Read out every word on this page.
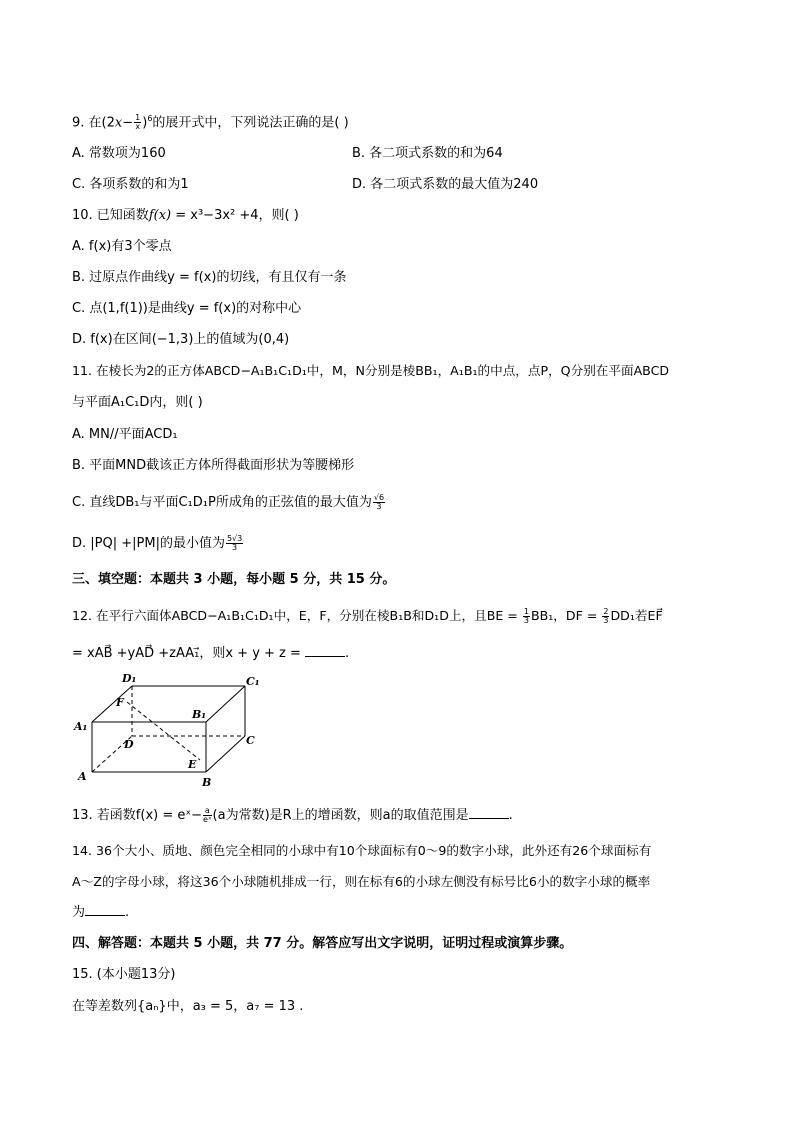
9. 在$(2x- \frac{1}{x} )^6$的展开式中，下列说法正确的是( )
A. 常数项为160	B. 各二项式系数的和为64
C. 各项系数的和为1	D. 各二项式系数的最大值为240
10. 已知函数f(x) = x³−3x² +4，则( )
A. f(x)有3个零点
B. 过原点作曲线y = f(x)的切线，有且仅有一条
C. 点(1,f(1))是曲线y = f(x)的对称中心
D. f(x)在区间(−1,3)上的值域为(0,4)
11. 在棱长为2的正方体ABCD−A₁B₁C₁D₁中，M，N分别是棱BB₁，A₁B₁的中点，点P，Q分别在平面ABCD
与平面A₁C₁D内，则( )
A. MN//平面ACD₁
B. 平面MND截该正方体所得截面形状为等腰梯形
C. 直线DB₁与平面C₁D₁P所成角的正弦值的最大值为 $\frac{√6}{3}$
D. |PQ| +|PM|的最小值为 $\frac{5√3}{3}$
三、填空题：本题共 3 小题，每小题 5 分，共 15 分。
12. 在平行六面体ABCD−A₁B₁C₁D₁中，E，F，分别在棱B₁B和D₁D上，且BE = $\frac{1}{3} BB_1$，DF = $\frac{2}{3} DD_1$若EF⃗
= xAB⃗ +yAD⃗ +zAA₁⃗，则x + y + z =	.
D₁	C₁
F
B₁
A₁
D	C
E
A	B
13. 若函数f(x) = eˣ− $\frac{a}{\text{eˣ}} (a$为常数)是R上的增函数，则a的取值范围是	.
14. 36个大小、质地、颜色完全相同的小球中有10个球面标有0～9的数字小球，此外还有26个球面标有
A～Z的字母小球，将这36个小球随机排成一行，则在标有6的小球左侧没有标号比6小的数字小球的概率
为	.
四、解答题：本题共 5 小题，共 77 分。解答应写出文字说明，证明过程或演算步骤。
15. (本小题13分)
在等差数列{aₙ}中，a₃ = 5，a₇ = 13 .
